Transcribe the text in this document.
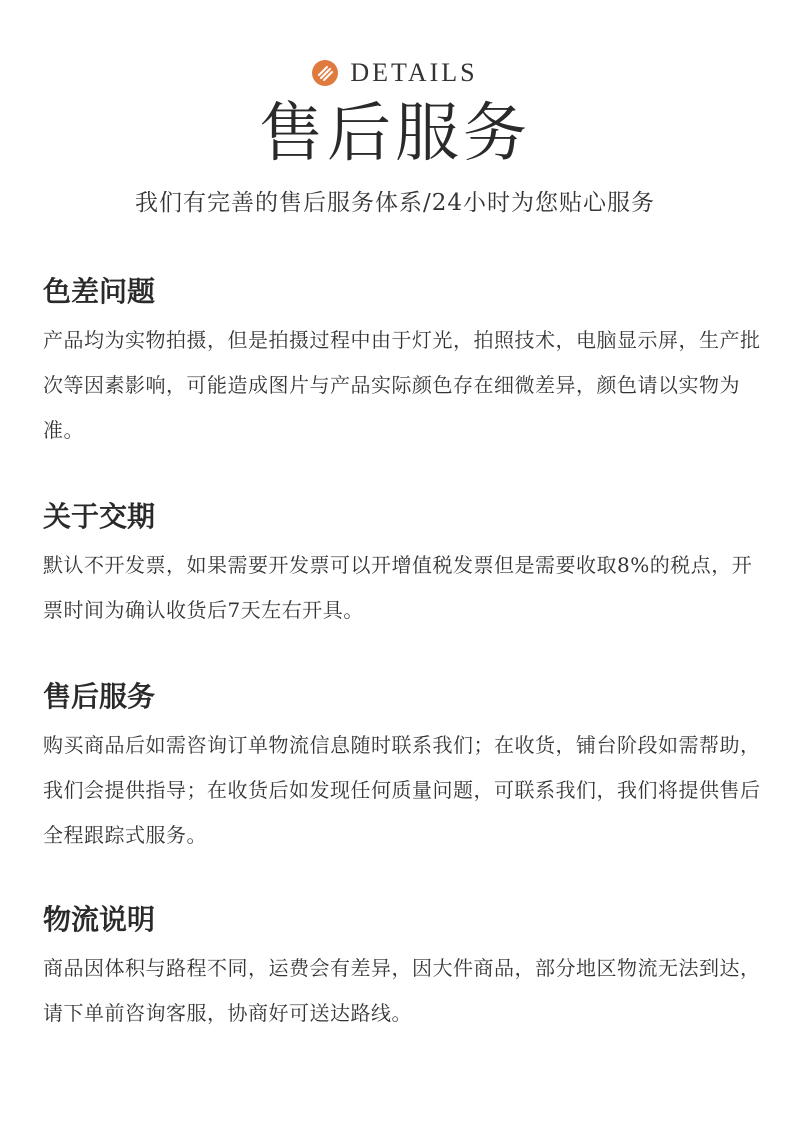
DETAILS
售后服务
我们有完善的售后服务体系/24小时为您贴心服务
色差问题

产品均为实物拍摄，但是拍摄过程中由于灯光，拍照技术，电脑显示屏，生产批次等因素影响，可能造成图片与产品实际颜色存在细微差异，颜色请以实物为准。

关于交期

默认不开发票，如果需要开发票可以开增值税发票但是需要收取8%的税点，开票时间为确认收货后7天左右开具。

售后服务

购买商品后如需咨询订单物流信息随时联系我们；在收货，铺台阶段如需帮助，我们会提供指导；在收货后如发现任何质量问题，可联系我们，我们将提供售后全程跟踪式服务。

物流说明

商品因体积与路程不同，运费会有差异，因大件商品，部分地区物流无法到达，请下单前咨询客服，协商好可送达路线。
